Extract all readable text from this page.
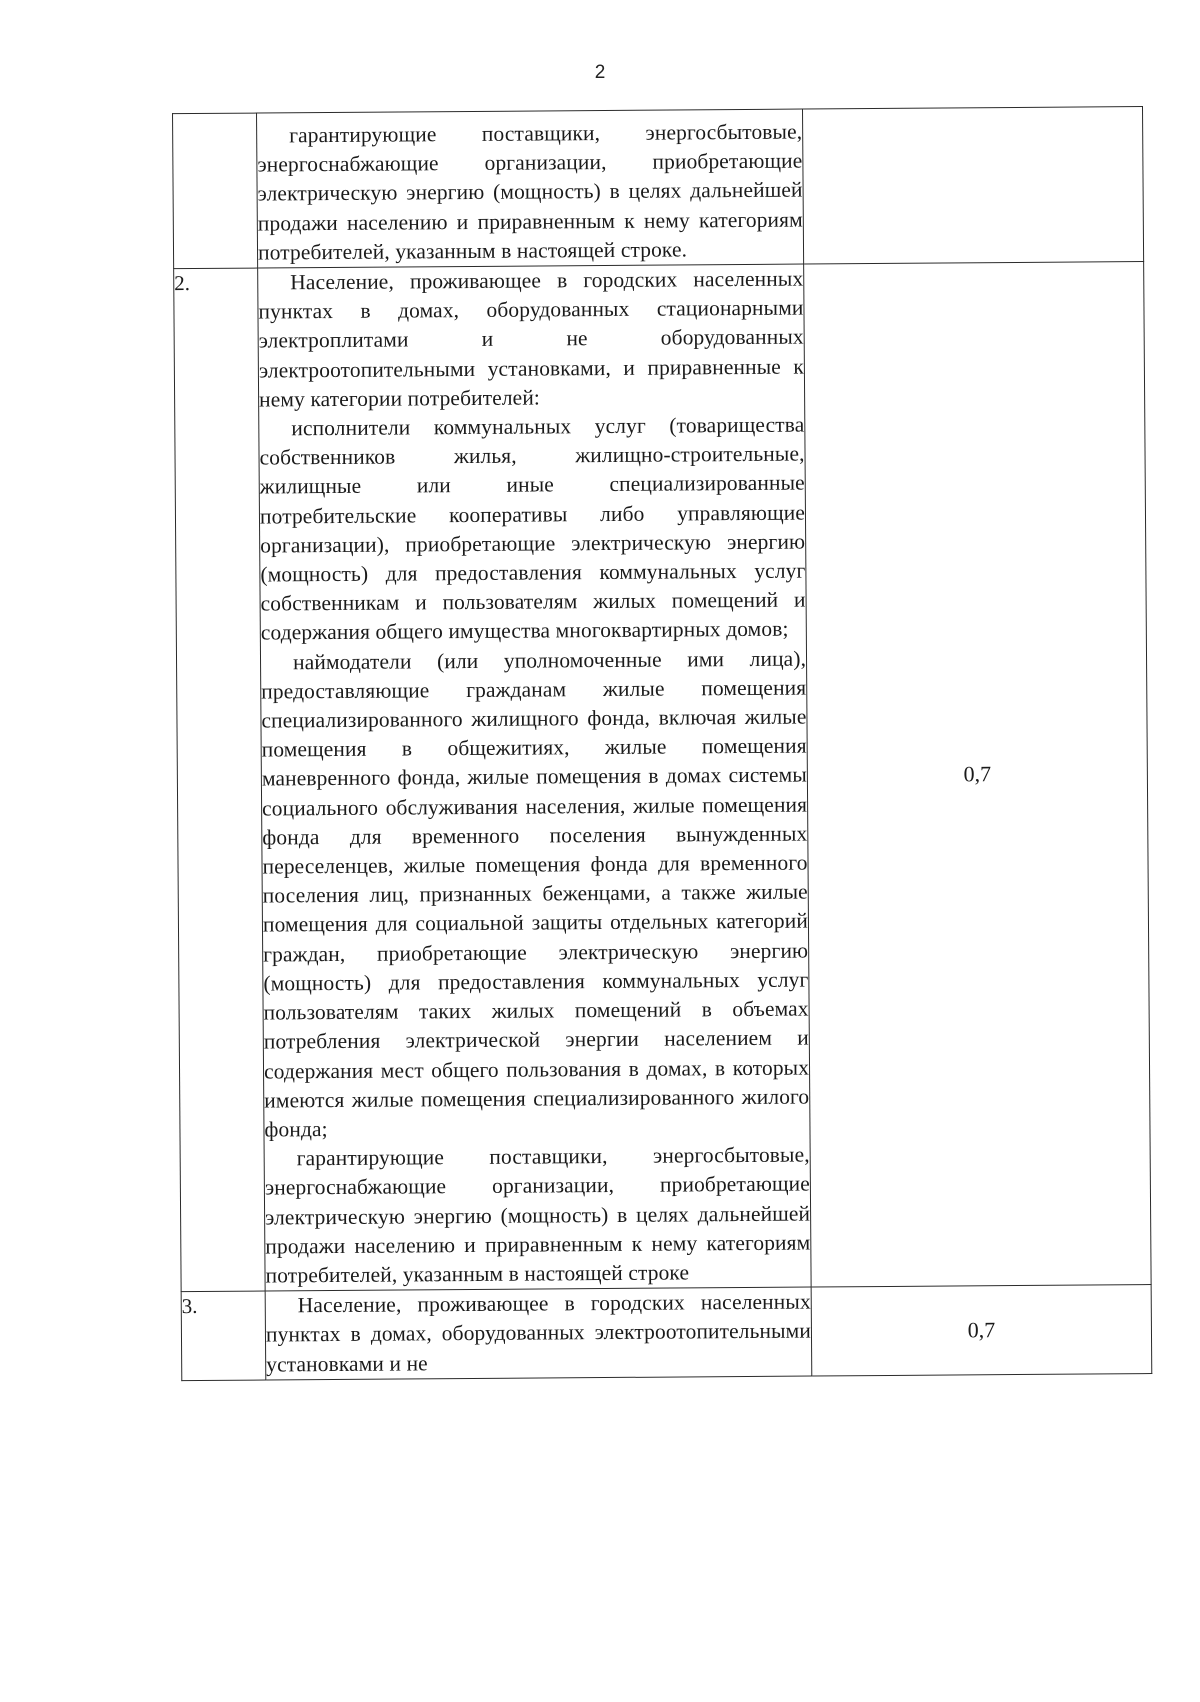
2

	гарантирующие поставщики, энергосбытовые, энергоснабжающие организации, приобретающие электрическую энергию (мощность) в целях дальнейшей продажи населению и приравненным к нему категориям потребителей, указанным в настоящей строке.	

2.	Население, проживающее в городских населенных пунктах в домах, оборудованных стационарными электроплитами и не оборудованных электроотопительными установками, и приравненные к нему категории потребителей:

исполнители коммунальных услуг (товарищества собственников жилья, жилищно-строительные, жилищные или иные специализированные потребительские кооперативы либо управляющие организации), приобретающие электрическую энергию (мощность) для предоставления коммунальных услуг собственникам и пользователям жилых помещений и содержания общего имущества многоквартирных домов;

наймодатели (или уполномоченные ими лица), предоставляющие гражданам жилые помещения специализированного жилищного фонда, включая жилые помещения в общежитиях, жилые помещения маневренного фонда, жилые помещения в домах системы социального обслуживания населения, жилые помещения фонда для временного поселения вынужденных переселенцев, жилые помещения фонда для временного поселения лиц, признанных беженцами, а также жилые помещения для социальной защиты отдельных категорий граждан, приобретающие электрическую энергию (мощность) для предоставления коммунальных услуг пользователям таких жилых помещений в объемах потребления электрической энергии населением и содержания мест общего пользования в домах, в которых имеются жилые помещения специализированного жилого фонда;

гарантирующие поставщики, энергосбытовые, энергоснабжающие организации, приобретающие электрическую энергию (мощность) в целях дальнейшей продажи населению и приравненным к нему категориям потребителей, указанным в настоящей строке	0,7
3.	Население, проживающее в городских населенных пунктах в домах, оборудованных электроотопительными установками и не	0,7
